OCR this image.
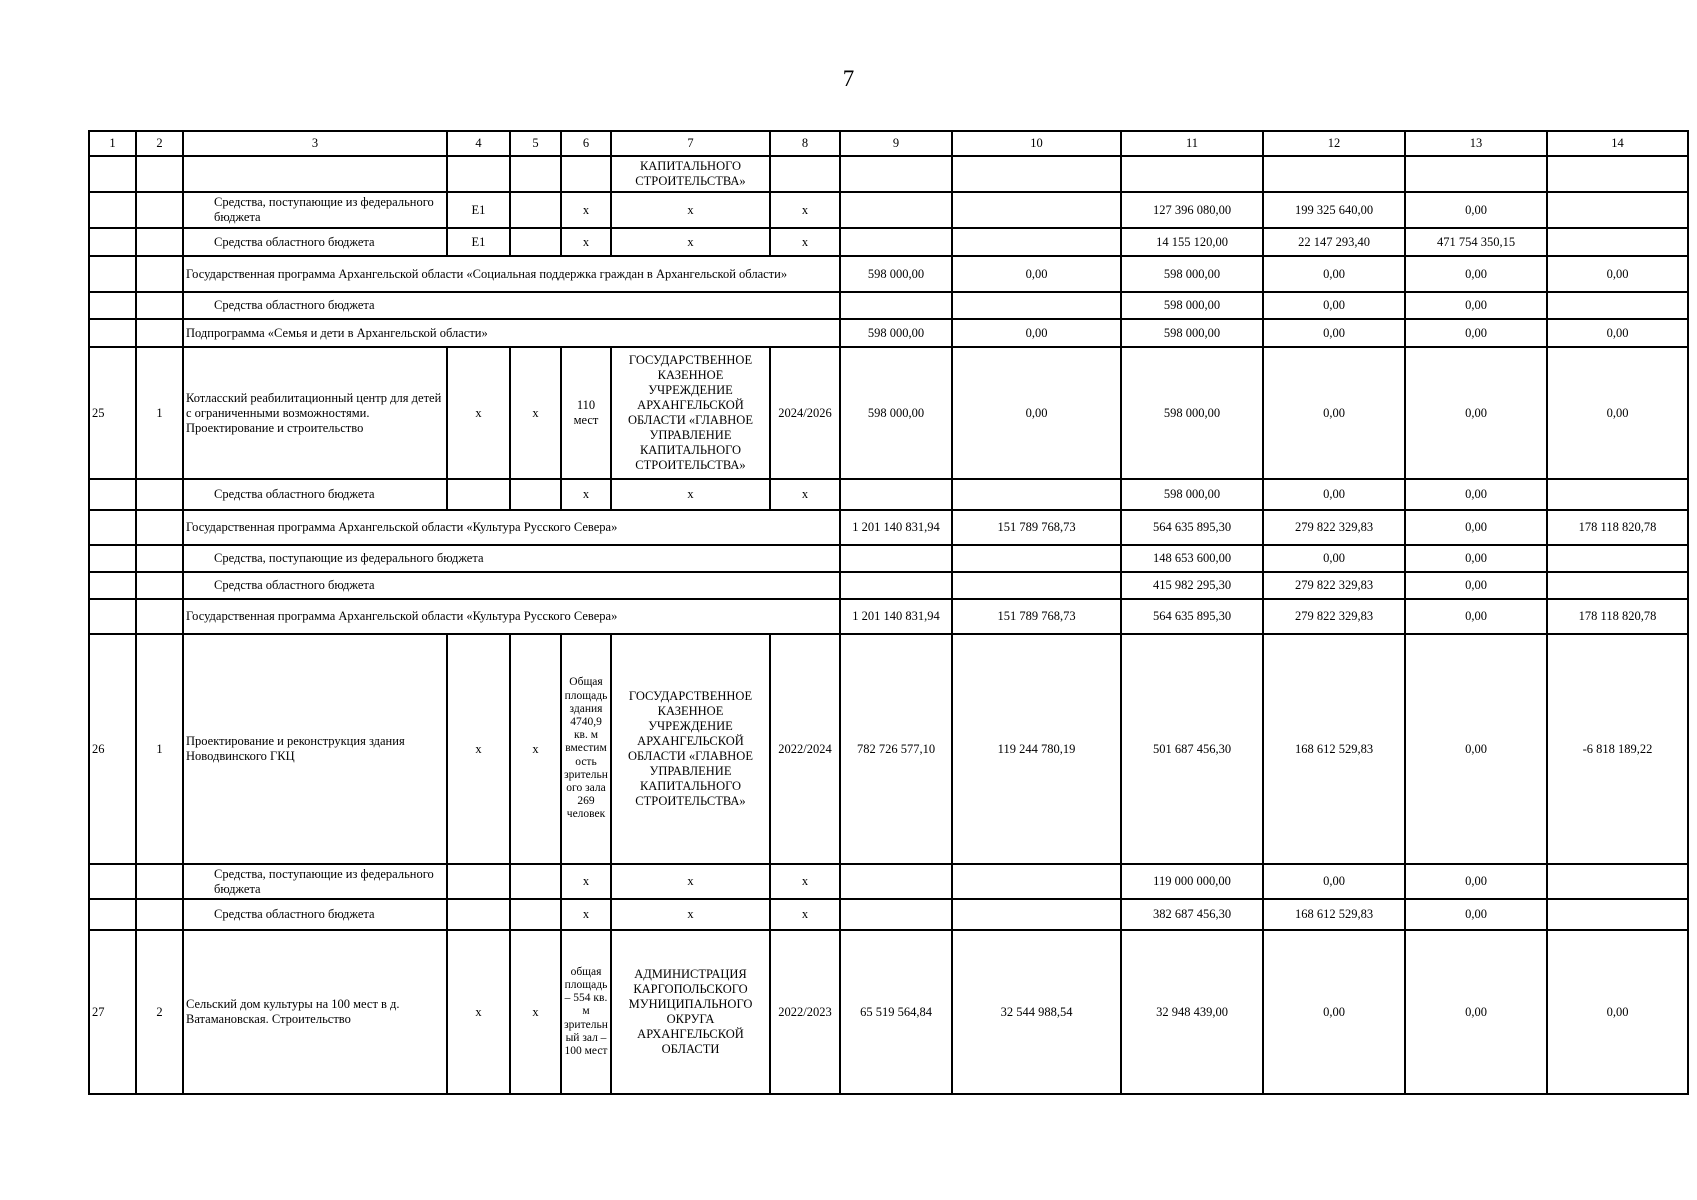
7
1	2	3	4	5	6	7	8	9	10	11	12	13	14
						КАПИТАЛЬНОГО СТРОИТЕЛЬСТВА»							
		Средства, поступающие из федерального бюджета	E1		x	x	x			127 396 080,00	199 325 640,00	0,00	
		Средства областного бюджета	E1		x	x	x			14 155 120,00	22 147 293,40	471 754 350,15	
		Государственная программа Архангельской области «Социальная поддержка граждан в Архангельской области»						598 000,00	0,00	598 000,00	0,00	0,00	0,00
		Средства областного бюджета								598 000,00	0,00	0,00	
		Подпрограмма «Семья и дети в Архангельской области»						598 000,00	0,00	598 000,00	0,00	0,00	0,00
25	1	Котласский реабилитационный центр для детей с ограниченными возможностями. Проектирование и строительство	x	x	110 мест	ГОСУДАРСТВЕННОЕ КАЗЕННОЕ УЧРЕЖДЕНИЕ АРХАНГЕЛЬСКОЙ ОБЛАСТИ «ГЛАВНОЕ УПРАВЛЕНИЕ КАПИТАЛЬНОГО СТРОИТЕЛЬСТВА»	2024/2026	598 000,00	0,00	598 000,00	0,00	0,00	0,00
		Средства областного бюджета			x	x	x			598 000,00	0,00	0,00	
		Государственная программа Архангельской области «Культура Русского Севера»						1 201 140 831,94	151 789 768,73	564 635 895,30	279 822 329,83	0,00	178 118 820,78
		Средства, поступающие из федерального бюджета								148 653 600,00	0,00	0,00	
		Средства областного бюджета								415 982 295,30	279 822 329,83	0,00	
		Государственная программа Архангельской области «Культура Русского Севера»						1 201 140 831,94	151 789 768,73	564 635 895,30	279 822 329,83	0,00	178 118 820,78
26	1	Проектирование и реконструкция здания Новодвинского ГКЦ	x	x	Общая площадь здания 4740,9 кв. м вместимость зрительного зала 269 человек	ГОСУДАРСТВЕННОЕ КАЗЕННОЕ УЧРЕЖДЕНИЕ АРХАНГЕЛЬСКОЙ ОБЛАСТИ «ГЛАВНОЕ УПРАВЛЕНИЕ КАПИТАЛЬНОГО СТРОИТЕЛЬСТВА»	2022/2024	782 726 577,10	119 244 780,19	501 687 456,30	168 612 529,83	0,00	-6 818 189,22
		Средства, поступающие из федерального бюджета			x	x	x			119 000 000,00	0,00	0,00	
		Средства областного бюджета			x	x	x			382 687 456,30	168 612 529,83	0,00	
27	2	Сельский дом культуры на 100 мест в д. Ватамановская. Строительство	x	x	общая площадь – 554 кв. м зрительный зал – 100 мест	АДМИНИСТРАЦИЯ КАРГОПОЛЬСКОГО МУНИЦИПАЛЬНОГО ОКРУГА АРХАНГЕЛЬСКОЙ ОБЛАСТИ	2022/2023	65 519 564,84	32 544 988,54	32 948 439,00	0,00	0,00	0,00
